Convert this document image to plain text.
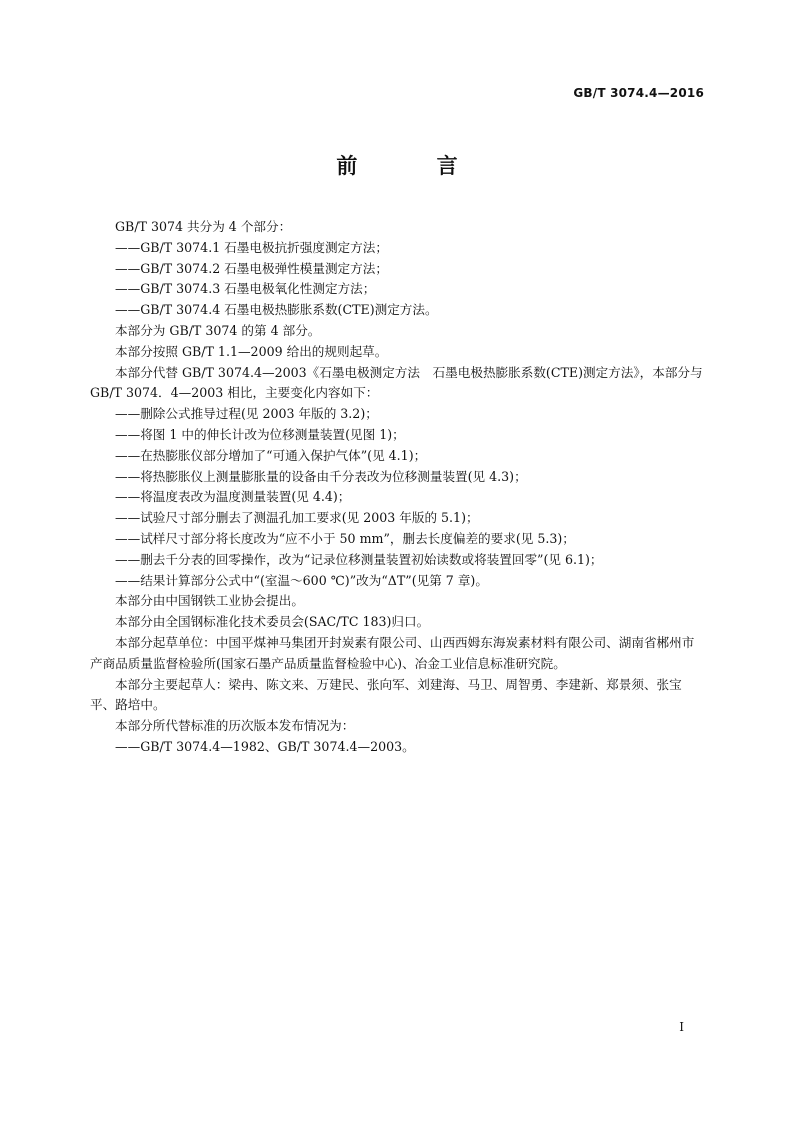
GB/T 3074.4—2016
前 言

GB/T 3074 共分为 4 个部分：

——GB/T 3074.1 石墨电极抗折强度测定方法；

——GB/T 3074.2 石墨电极弹性模量测定方法；

——GB/T 3074.3 石墨电极氧化性测定方法；

——GB/T 3074.4 石墨电极热膨胀系数(CTE)测定方法。

本部分为 GB/T 3074 的第 4 部分。

本部分按照 GB/T 1.1—2009 给出的规则起草。

本部分代替 GB/T 3074.4—2003《石墨电极测定方法　石墨电极热膨胀系数(CTE)测定方法》，本部分与 GB/T 3074．4—2003 相比，主要变化内容如下：

——删除公式推导过程(见 2003 年版的 3.2)；

——将图 1 中的伸长计改为位移测量装置(见图 1)；

——在热膨胀仪部分增加了“可通入保护气体”(见 4.1)；

——将热膨胀仪上测量膨胀量的设备由千分表改为位移测量装置(见 4.3)；

——将温度表改为温度测量装置(见 4.4)；

——试验尺寸部分删去了测温孔加工要求(见 2003 年版的 5.1)；

——试样尺寸部分将长度改为“应不小于 50 mm”，删去长度偏差的要求(见 5.3)；

——删去千分表的回零操作，改为“记录位移测量装置初始读数或将装置回零”(见 6.1)；

——结果计算部分公式中“(室温～600 ℃)”改为“ΔT”(见第 7 章)。

本部分由中国钢铁工业协会提出。

本部分由全国钢标准化技术委员会(SAC/TC 183)归口。

本部分起草单位：中国平煤神马集团开封炭素有限公司、山西西姆东海炭素材料有限公司、湖南省郴州市产商品质量监督检验所(国家石墨产品质量监督检验中心)、冶金工业信息标准研究院。

本部分主要起草人：梁冉、陈文来、万建民、张向军、刘建海、马卫、周智勇、李建新、郑景须、张宝平、路培中。

本部分所代替标准的历次版本发布情况为：

——GB/T 3074.4—1982、GB/T 3074.4—2003。

I
